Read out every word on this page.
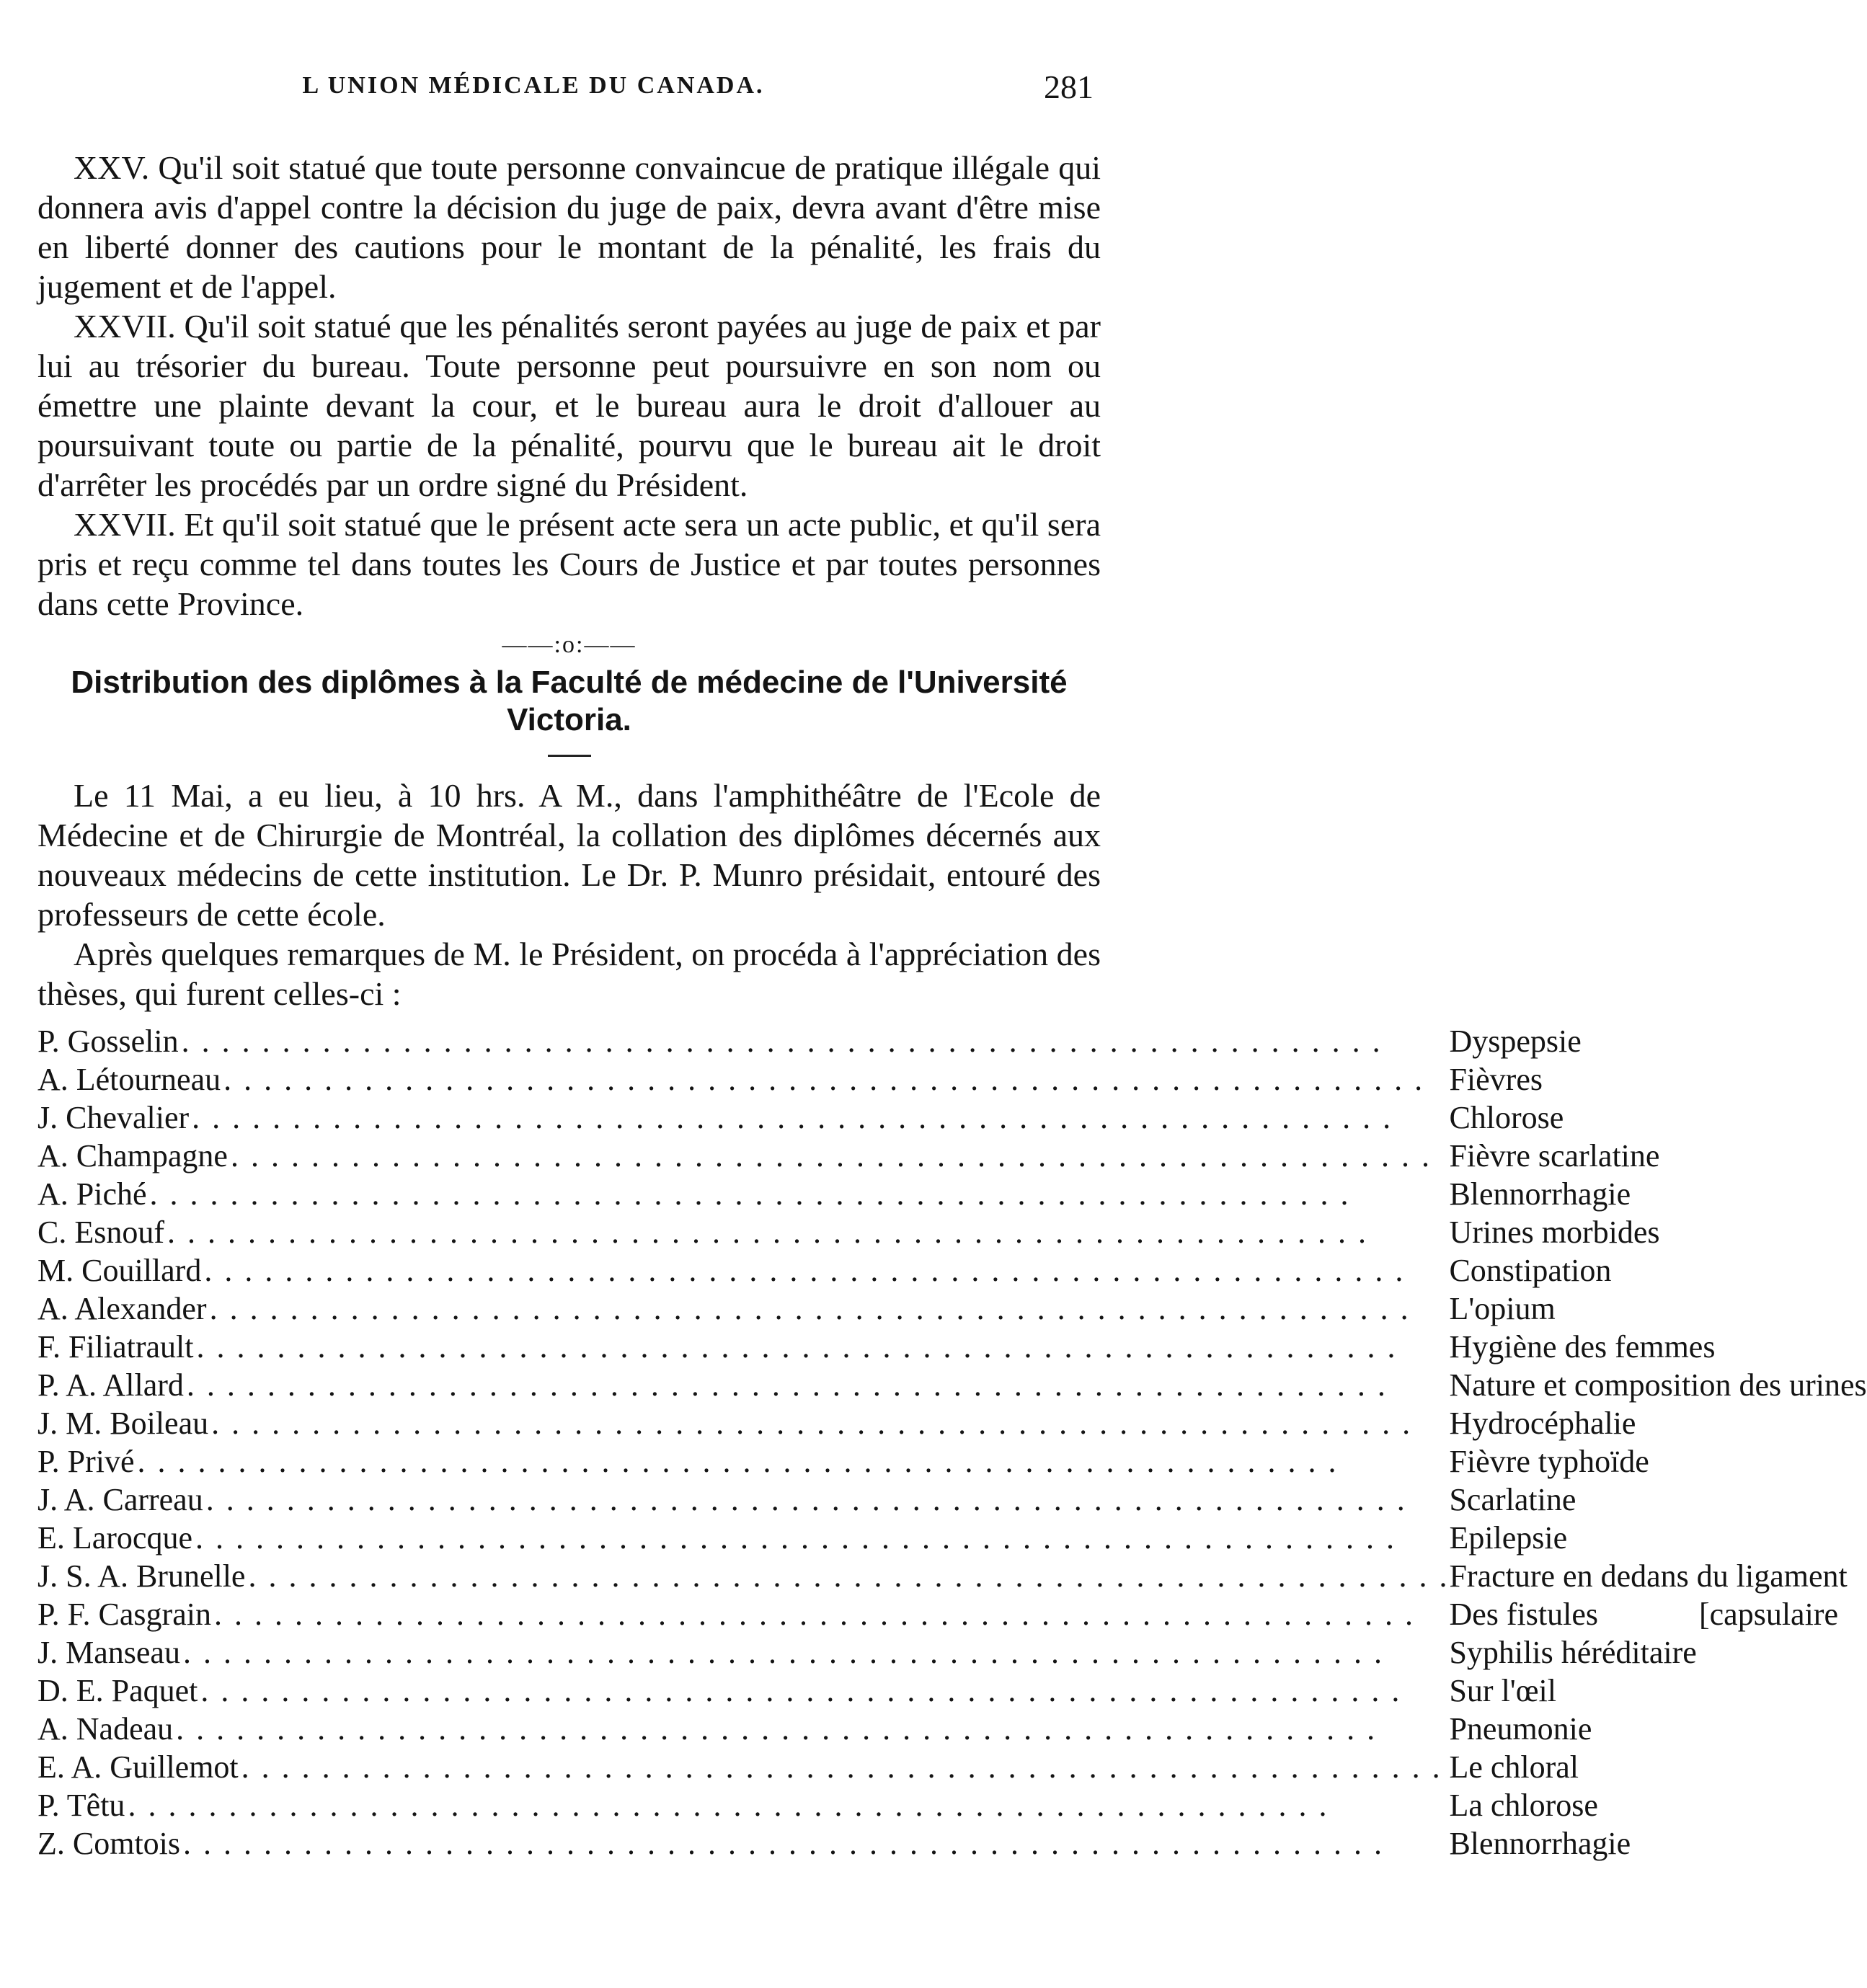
L UNION MÉDICALE DU CANADA.	281

XXV. Qu'il soit statué que toute personne convaincue de pratique illégale qui donnera avis d'appel contre la décision du juge de paix, devra avant d'être mise en liberté donner des cautions pour le montant de la pénalité, les frais du jugement et de l'appel.

XXVII. Qu'il soit statué que les pénalités seront payées au juge de paix et par lui au trésorier du bureau. Toute personne peut poursuivre en son nom ou émettre une plainte devant la cour, et le bureau aura le droit d'allouer au poursuivant toute ou partie de la pénalité, pourvu que le bureau ait le droit d'arrêter les procédés par un ordre signé du Président.

XXVII. Et qu'il soit statué que le présent acte sera un acte public, et qu'il sera pris et reçu comme tel dans toutes les Cours de Justice et par toutes personnes dans cette Province.

——:o:——
Distribution des diplômes à la Faculté de médecine de l'Université Victoria.

Le 11 Mai, a eu lieu, à 10 hrs. A M., dans l'amphithéâtre de l'Ecole de Médecine et de Chirurgie de Montréal, la collation des diplômes décernés aux nouveaux médecins de cette institution. Le Dr. P. Munro présidait, entouré des professeurs de cette école.

Après quelques remarques de M. le Président, on procéda à l'appréciation des thèses, qui furent celles-ci :

P. Gosselin. . . . . . . . . . . . . . . . . . . . . . . . . . . . . . . . . . . . . . . . . . . . . . . . . . . . . . . . . . . .	Dyspepsie
A. Létourneau. . . . . . . . . . . . . . . . . . . . . . . . . . . . . . . . . . . . . . . . . . . . . . . . . . . . . . . . . . . .	Fièvres
J. Chevalier. . . . . . . . . . . . . . . . . . . . . . . . . . . . . . . . . . . . . . . . . . . . . . . . . . . . . . . . . . . .	Chlorose
A. Champagne. . . . . . . . . . . . . . . . . . . . . . . . . . . . . . . . . . . . . . . . . . . . . . . . . . . . . . . . . . . .	Fièvre scarlatine
A. Piché. . . . . . . . . . . . . . . . . . . . . . . . . . . . . . . . . . . . . . . . . . . . . . . . . . . . . . . . . . . .	Blennorrhagie
C. Esnouf. . . . . . . . . . . . . . . . . . . . . . . . . . . . . . . . . . . . . . . . . . . . . . . . . . . . . . . . . . . .	Urines morbides
M. Couillard. . . . . . . . . . . . . . . . . . . . . . . . . . . . . . . . . . . . . . . . . . . . . . . . . . . . . . . . . . . .	Constipation
A. Alexander. . . . . . . . . . . . . . . . . . . . . . . . . . . . . . . . . . . . . . . . . . . . . . . . . . . . . . . . . . . .	L'opium
F. Filiatrault. . . . . . . . . . . . . . . . . . . . . . . . . . . . . . . . . . . . . . . . . . . . . . . . . . . . . . . . . . . .	Hygiène des femmes
P. A. Allard. . . . . . . . . . . . . . . . . . . . . . . . . . . . . . . . . . . . . . . . . . . . . . . . . . . . . . . . . . . .	Nature et composition des urines
J. M. Boileau. . . . . . . . . . . . . . . . . . . . . . . . . . . . . . . . . . . . . . . . . . . . . . . . . . . . . . . . . . . .	Hydrocéphalie
P. Privé. . . . . . . . . . . . . . . . . . . . . . . . . . . . . . . . . . . . . . . . . . . . . . . . . . . . . . . . . . . .	Fièvre typhoïde
J. A. Carreau. . . . . . . . . . . . . . . . . . . . . . . . . . . . . . . . . . . . . . . . . . . . . . . . . . . . . . . . . . . .	Scarlatine
E. Larocque. . . . . . . . . . . . . . . . . . . . . . . . . . . . . . . . . . . . . . . . . . . . . . . . . . . . . . . . . . . .	Epilepsie
J. S. A. Brunelle. . . . . . . . . . . . . . . . . . . . . . . . . . . . . . . . . . . . . . . . . . . . . . . . . . . . . . . . . . . .	Fracture en dedans du ligament
P. F. Casgrain. . . . . . . . . . . . . . . . . . . . . . . . . . . . . . . . . . . . . . . . . . . . . . . . . . . . . . . . . . . .	Des fistules [capsulaire
J. Manseau. . . . . . . . . . . . . . . . . . . . . . . . . . . . . . . . . . . . . . . . . . . . . . . . . . . . . . . . . . . .	Syphilis héréditaire
D. E. Paquet. . . . . . . . . . . . . . . . . . . . . . . . . . . . . . . . . . . . . . . . . . . . . . . . . . . . . . . . . . . .	Sur l'œil
A. Nadeau. . . . . . . . . . . . . . . . . . . . . . . . . . . . . . . . . . . . . . . . . . . . . . . . . . . . . . . . . . . .	Pneumonie
E. A. Guillemot. . . . . . . . . . . . . . . . . . . . . . . . . . . . . . . . . . . . . . . . . . . . . . . . . . . . . . . . . . . .	Le chloral
P. Têtu. . . . . . . . . . . . . . . . . . . . . . . . . . . . . . . . . . . . . . . . . . . . . . . . . . . . . . . . . . . .	La chlorose
Z. Comtois. . . . . . . . . . . . . . . . . . . . . . . . . . . . . . . . . . . . . . . . . . . . . . . . . . . . . . . . . . . .	Blennorrhagie
